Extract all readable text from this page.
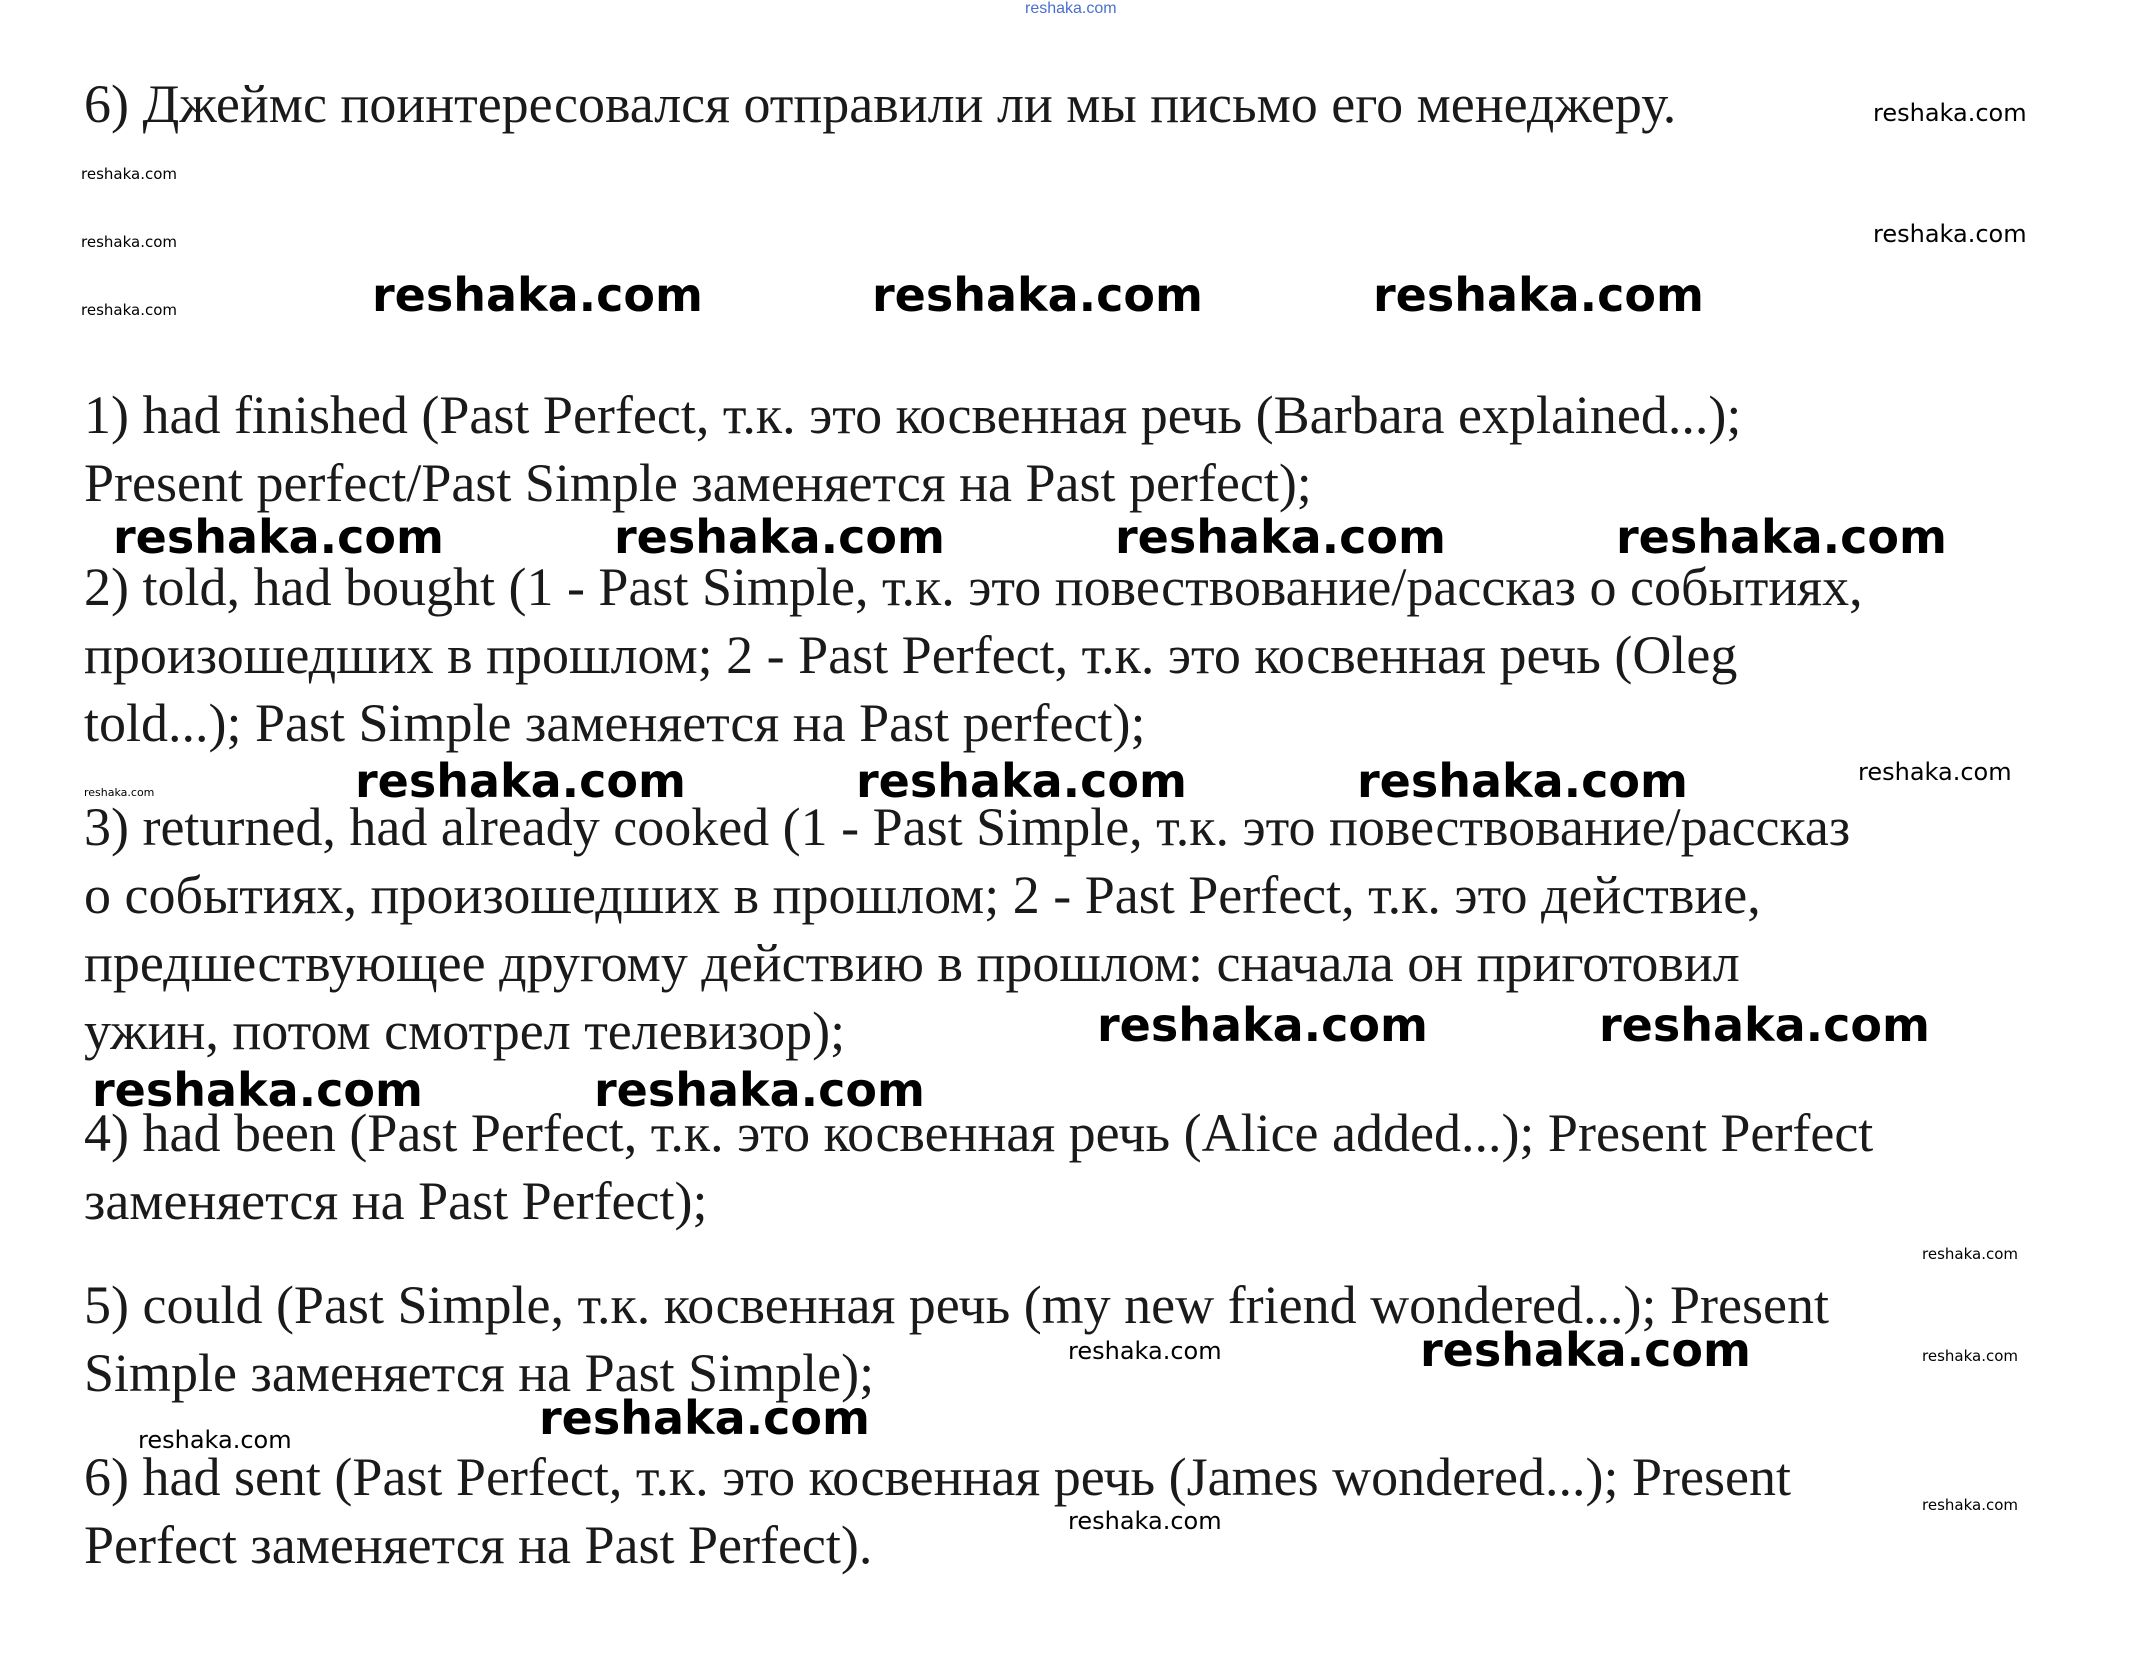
6) Джеймс поинтересовался отправили ли мы письмо его менеджеру.
1) had finished (Past Perfect, т.к. это косвенная речь (Barbara explained...);
Present perfect/Past Simple заменяется на Past perfect);
2) told, had bought (1 - Past Simple, т.к. это повествование/рассказ о событиях,
произошедших в прошлом; 2 - Past Perfect, т.к. это косвенная речь (Oleg
told...); Past Simple заменяется на Past perfect);
3) returned, had already cooked (1 - Past Simple, т.к. это повествование/рассказ
о событиях, произошедших в прошлом; 2 - Past Perfect, т.к. это действие,
предшествующее другому действию в прошлом: сначала он приготовил
ужин, потом смотрел телевизор);
4) had been (Past Perfect, т.к. это косвенная речь (Alice added...); Present Perfect
заменяется на Past Perfect);
5) could (Past Simple, т.к. косвенная речь (my new friend wondered...); Present
Simple заменяется на Past Simple);
6) had sent (Past Perfect, т.к. это косвенная речь (James wondered...); Present
Perfect заменяется на Past Perfect).
reshaka.com
reshaka.com
reshaka.com
reshaka.com	reshaka.com
reshaka.com	reshaka.com	reshaka.com	reshaka.com
reshaka.com	reshaka.com	reshaka.com	reshaka.com
reshaka.com	reshaka.com	reshaka.com	reshaka.com	reshaka.com
reshaka.com	reshaka.com
reshaka.com	reshaka.com
reshaka.com
reshaka.com	reshaka.com	reshaka.com
reshaka.com
reshaka.com
reshaka.com
reshaka.com
